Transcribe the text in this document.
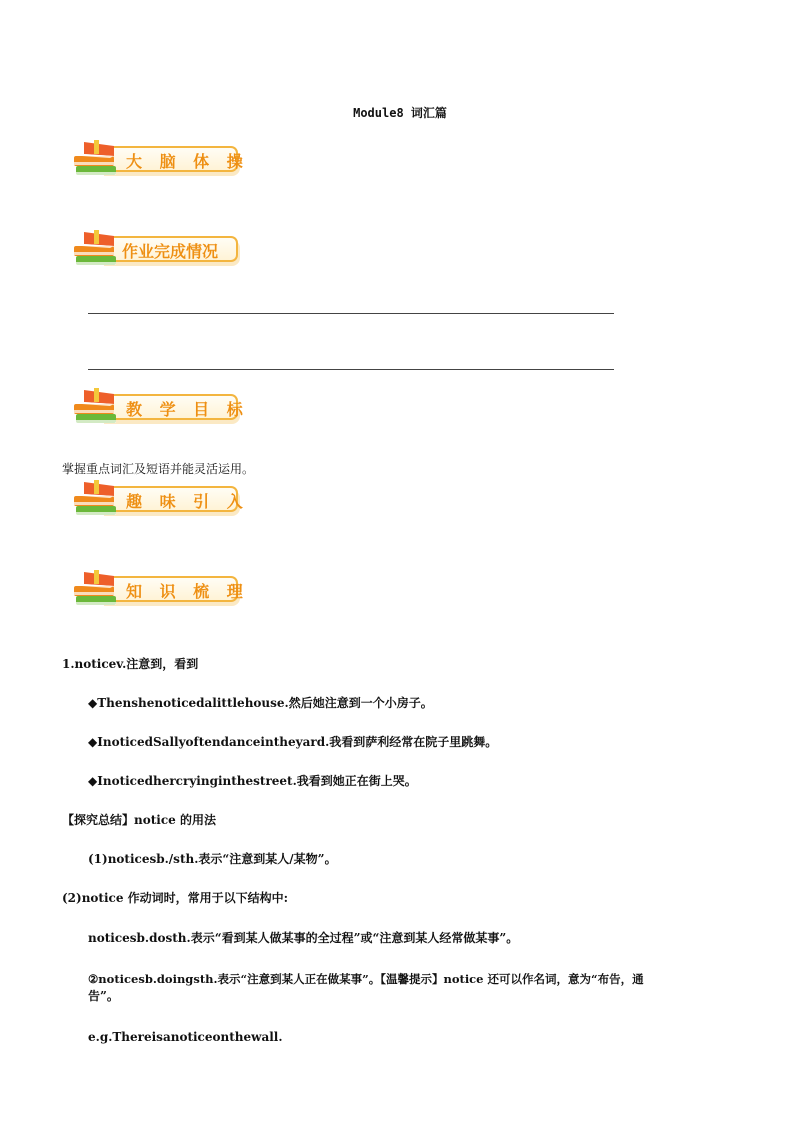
Module8 词汇篇
大 脑 体 操
作业完成情况
教 学 目 标
掌握重点词汇及短语并能灵活运用。
趣 味 引 入
知 识 梳 理
1.noticev.注意到，看到
◆Thenshenoticedalittlehouse.然后她注意到一个小房子。
◆InoticedSallyoftendanceintheyard.我看到萨利经常在院子里跳舞。
◆Inoticedhercryinginthestreet.我看到她正在街上哭。
【探究总结】notice 的用法
(1)noticesb./sth.表示“注意到某人/某物”。
(2)notice 作动词时，常用于以下结构中:
noticesb.dosth.表示“看到某人做某事的全过程”或“注意到某人经常做某事”。
②noticesb.doingsth.表示“注意到某人正在做某事”。【温馨提示】notice 还可以作名词，意为“布告，通
告”。
e.g.Thereisanoticeonthewall.
